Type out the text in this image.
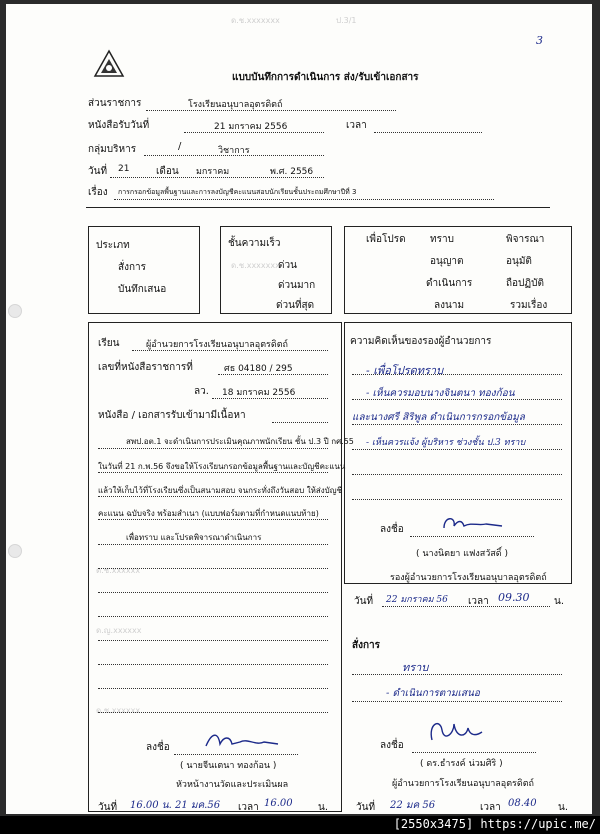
ด.ช.xxxxxxx	ป.3/1
ด.ช.xxxxxxx
ด.ช.xxxxxx
ด.ญ.xxxxxx
ด.ช.xxxxxx
3
แบบบันทึกการดำเนินการ ส่ง/รับเข้าเอกสาร
ส่วนราชการ	โรงเรียนอนุบาลอุตรดิตถ์
หนังสือรับวันที่	21 มกราคม 2556	เวลา
กลุ่มบริหาร	/	วิชาการ
วันที่ 21	เดือน มกราคม	พ.ศ. 2556
เรื่อง การกรอกข้อมูลพื้นฐานและการลงบัญชีคะแนนสอบนักเรียนชั้นประถมศึกษาปีที่ 3
ประเภท
สั่งการ
บันทึกเสนอ
ชั้นความเร็ว
ด่วน
ด่วนมาก
ด่วนที่สุด
เพื่อโปรด ทราบ	พิจารณา
อนุญาต	อนุมัติ
ดำเนินการ	ถือปฏิบัติ
ลงนาม	รวมเรื่อง
เรียน	ผู้อำนวยการโรงเรียนอนุบาลอุตรดิตถ์
เลขที่หนังสือราชการที่	ศธ 04180 / 295
ลว. 18 มกราคม 2556
หนังสือ / เอกสารรับเข้ามามีเนื้อหา
สพป.อต.1 จะดำเนินการประเมินคุณภาพนักเรียน ชั้น ป.3 ปี กศ.55
ในวันที่ 21 ก.พ.56 จึงขอให้โรงเรียนกรอกข้อมูลพื้นฐานและบัญชีคะแนน
แล้วให้เก็บไว้ที่โรงเรียนซึ่งเป็นสนามสอบ จนกระทั่งถึงวันสอบ ให้ส่งบัญชี
คะแนน ฉบับจริง พร้อมสำเนา (แบบฟอร์มตามที่กำหนดแนบท้าย)
เพื่อทราบ และโปรดพิจารณาดำเนินการ
ลงชื่อ
( นายจีนเตนา ทองก้อน )
หัวหน้างานวัดและประเมินผล
วันที่ 16.00 น. 21 มค.56 เวลา 16.00	น.
ความคิดเห็นของรองผู้อำนวยการ
- เพื่อโปรดทราบ
- เห็นควรมอบนางจินตนา ทองก้อน
และนางศรี สิริพูล ดำเนินการกรอกข้อมูล
- เห็นควรแจ้ง ผู้บริหาร ช่วงชั้น ป.3 ทราบ
ลงชื่อ
( นางนิตยา แฟงสวัสดิ์ )
รองผู้อำนวยการโรงเรียนอนุบาลอุตรดิตถ์
วันที่ 22 มกราคม 56 เวลา 09.30 น.
สั่งการ
ทราบ
- ดำเนินการตามเสนอ
ลงชื่อ
( ดร.ธำรงค์ น่วมศิริ )
ผู้อำนวยการโรงเรียนอนุบาลอุตรดิตถ์
วันที่ 22 มค 56	เวลา 08.40 น.
[2550x3475] https://upic.me/
